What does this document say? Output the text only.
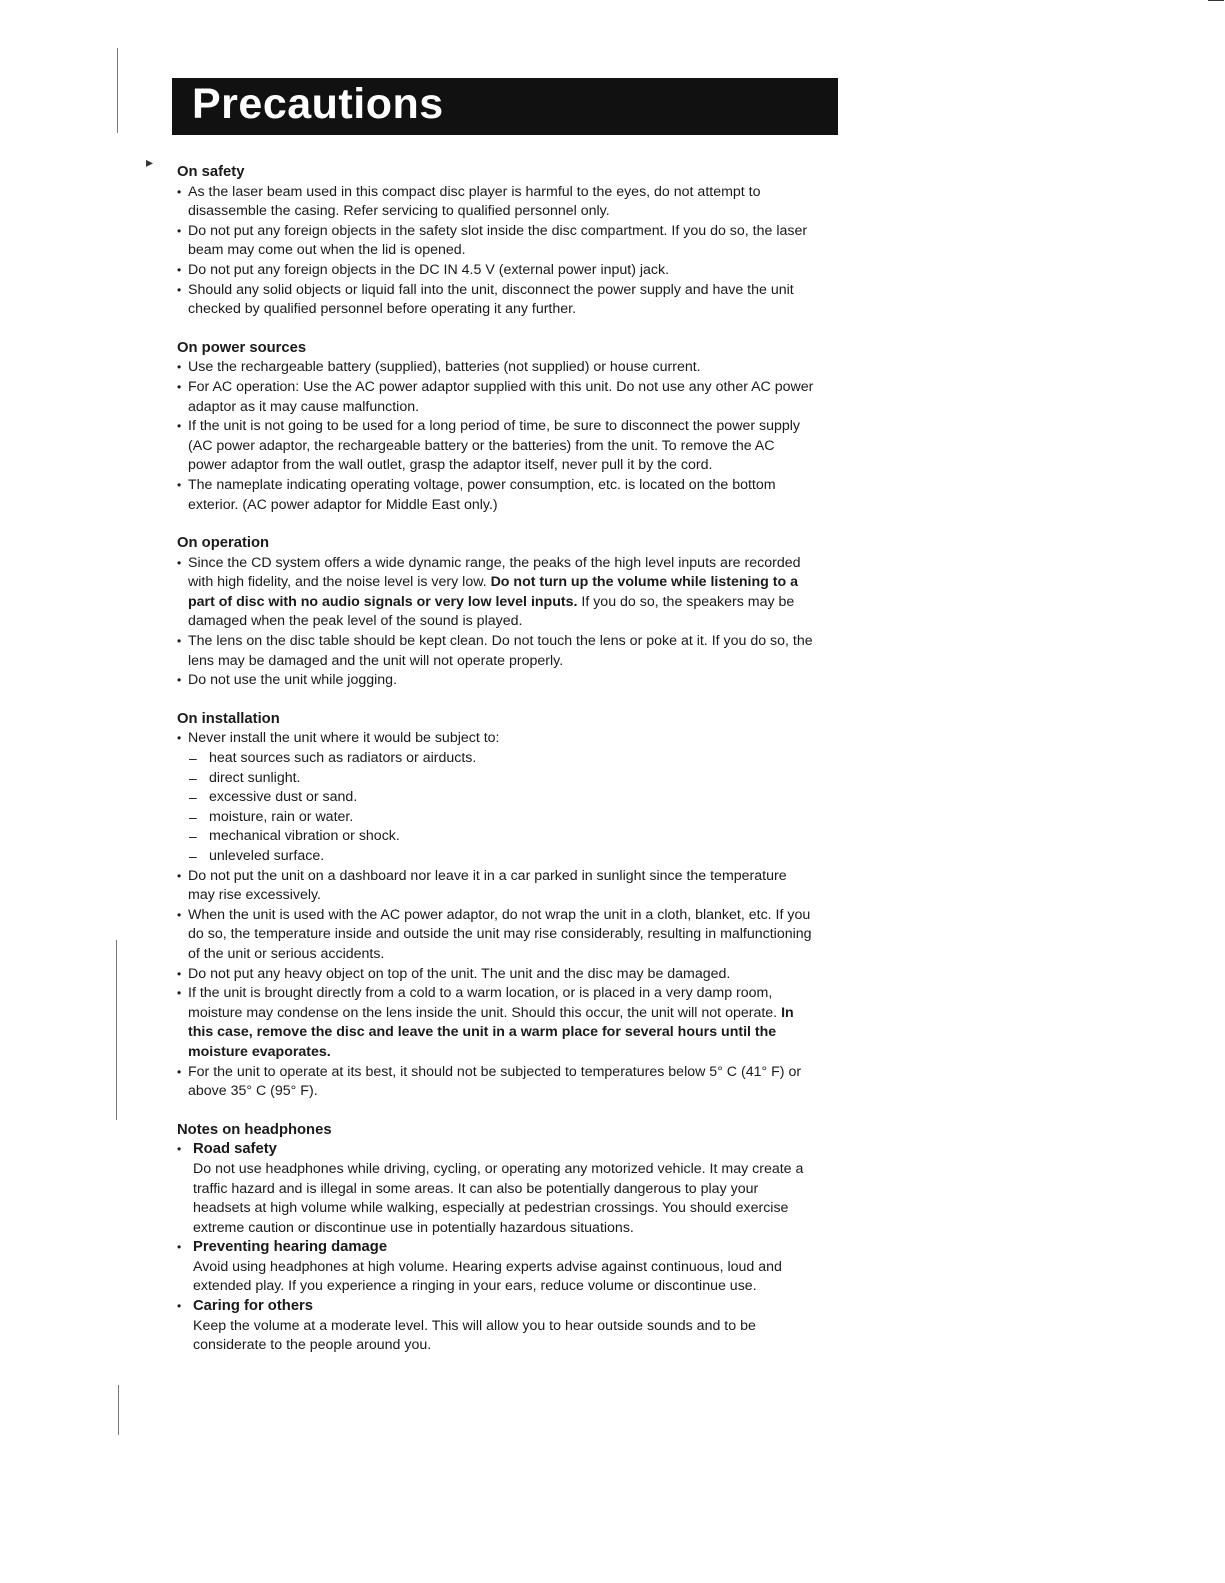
▸
Precautions
On safety
• As the laser beam used in this compact disc player is harmful to the eyes, do not attempt to disassemble the casing. Refer servicing to qualified personnel only.
• Do not put any foreign objects in the safety slot inside the disc compartment. If you do so, the laser beam may come out when the lid is opened.
• Do not put any foreign objects in the DC IN 4.5 V (external power input) jack.
• Should any solid objects or liquid fall into the unit, disconnect the power supply and have the unit checked by qualified personnel before operating it any further.
On power sources
• Use the rechargeable battery (supplied), batteries (not supplied) or house current.
• For AC operation: Use the AC power adaptor supplied with this unit. Do not use any other AC power adaptor as it may cause malfunction.
• If the unit is not going to be used for a long period of time, be sure to disconnect the power supply (AC power adaptor, the rechargeable battery or the batteries) from the unit. To remove the AC power adaptor from the wall outlet, grasp the adaptor itself, never pull it by the cord.
• The nameplate indicating operating voltage, power consumption, etc. is located on the bottom exterior. (AC power adaptor for Middle East only.)
On operation
• Since the CD system offers a wide dynamic range, the peaks of the high level inputs are recorded with high fidelity, and the noise level is very low. Do not turn up the volume while listening to a part of disc with no audio signals or very low level inputs. If you do so, the speakers may be damaged when the peak level of the sound is played.
• The lens on the disc table should be kept clean. Do not touch the lens or poke at it. If you do so, the lens may be damaged and the unit will not operate properly.
• Do not use the unit while jogging.
On installation
• Never install the unit where it would be subject to:
– heat sources such as radiators or airducts.
– direct sunlight.
– excessive dust or sand.
– moisture, rain or water.
– mechanical vibration or shock.
– unleveled surface.
• Do not put the unit on a dashboard nor leave it in a car parked in sunlight since the temperature may rise excessively.
• When the unit is used with the AC power adaptor, do not wrap the unit in a cloth, blanket, etc. If you do so, the temperature inside and outside the unit may rise considerably, resulting in malfunctioning of the unit or serious accidents.
• Do not put any heavy object on top of the unit. The unit and the disc may be damaged.
• If the unit is brought directly from a cold to a warm location, or is placed in a very damp room, moisture may condense on the lens inside the unit. Should this occur, the unit will not operate. In this case, remove the disc and leave the unit in a warm place for several hours until the moisture evaporates.
• For the unit to operate at its best, it should not be subjected to temperatures below 5° C (41° F) or above 35° C (95° F).
Notes on headphones
• Road safety
Do not use headphones while driving, cycling, or operating any motorized vehicle. It may create a traffic hazard and is illegal in some areas. It can also be potentially dangerous to play your headsets at high volume while walking, especially at pedestrian crossings. You should exercise extreme caution or discontinue use in potentially hazardous situations.
• Preventing hearing damage
Avoid using headphones at high volume. Hearing experts advise against continuous, loud and extended play. If you experience a ringing in your ears, reduce volume or discontinue use.
• Caring for others
Keep the volume at a moderate level. This will allow you to hear outside sounds and to be considerate to the people around you.
